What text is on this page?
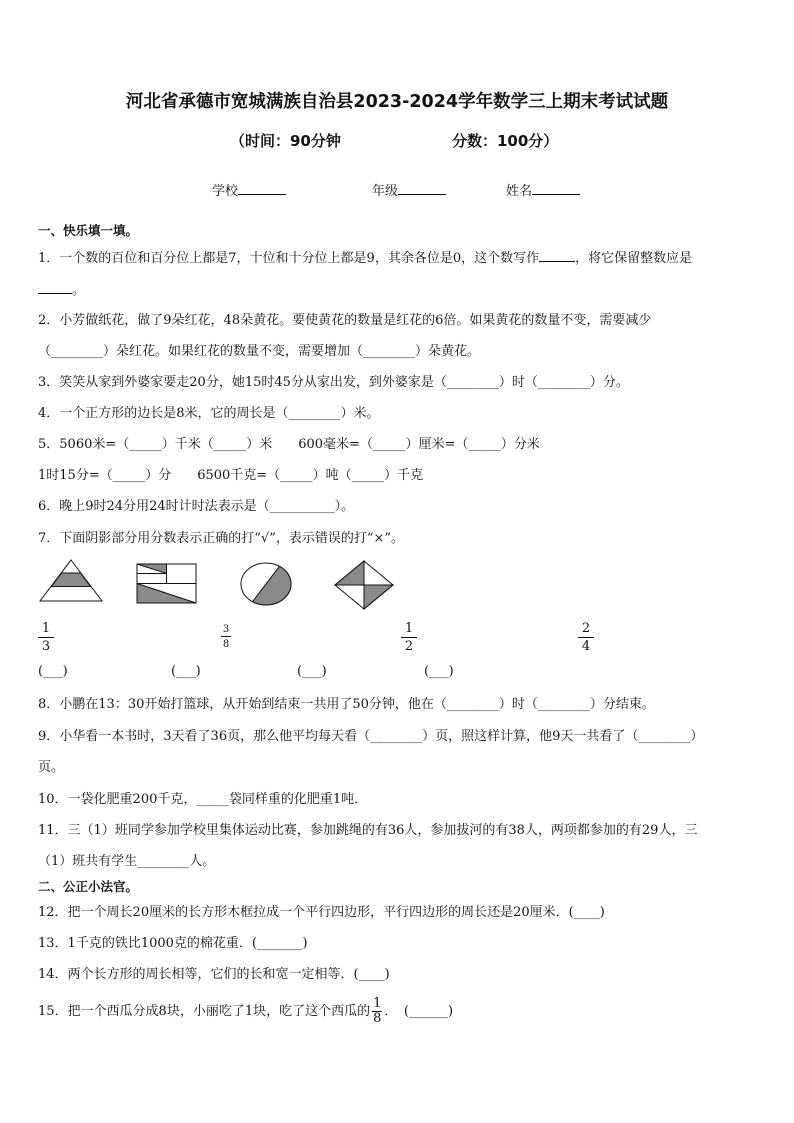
河北省承德市宽城满族自治县2023-2024学年数学三上期末考试试题
（时间：90分钟	分数：100分）
学校	年级	姓名
一、快乐填一填。
1．一个数的百位和百分位上都是7，十位和十分位上都是9，其余各位是0，这个数写作	，将它保留整数应是
。
2．小芳做纸花，做了9朵红花，48朵黄花。要使黄花的数量是红花的6倍。如果黄花的数量不变，需要减少
（________）朵红花。如果红花的数量不变，需要增加（________）朵黄花。
3．笑笑从家到外婆家要走20分，她15时45分从家出发，到外婆家是（________）时（________）分。
4．一个正方形的边长是8米，它的周长是（________）米。
5．5060米=（_____）千米（_____）米　　600毫米=（_____）厘米=（_____）分米
1时15分=（_____）分　　6500千克=（_____）吨（_____）千克
6．晚上9时24分用24时计时法表示是（__________）。
7．下面阴影部分用分数表示正确的打“√”，表示错误的打“×”。
$\frac{1}{3}$	$\frac{3}{8}$	$\frac{1}{2}$	$\frac{2}{4}$
(___)	(___)	(___)	(___)
8．小鹏在13：30开始打篮球，从开始到结束一共用了50分钟，他在（________）时（________）分结束。
9．小华看一本书时，3天看了36页，那么他平均每天看（________）页，照这样计算，他9天一共看了（________）
页。
10．一袋化肥重200千克，_____袋同样重的化肥重1吨．
11．三（1）班同学参加学校里集体运动比赛，参加跳绳的有36人，参加拔河的有38人，两项都参加的有29人，三
（1）班共有学生________人。
二、公正小法官。
12．把一个周长20厘米的长方形木框拉成一个平行四边形，平行四边形的周长还是20厘米．(____)
13．1千克的铁比1000克的棉花重．(_______)
14．两个长方形的周长相等，它们的长和宽一定相等．(____)
15．把一个西瓜分成8块，小丽吃了1块，吃了这个西瓜的 $\frac{1}{8}$ ．　(______)
